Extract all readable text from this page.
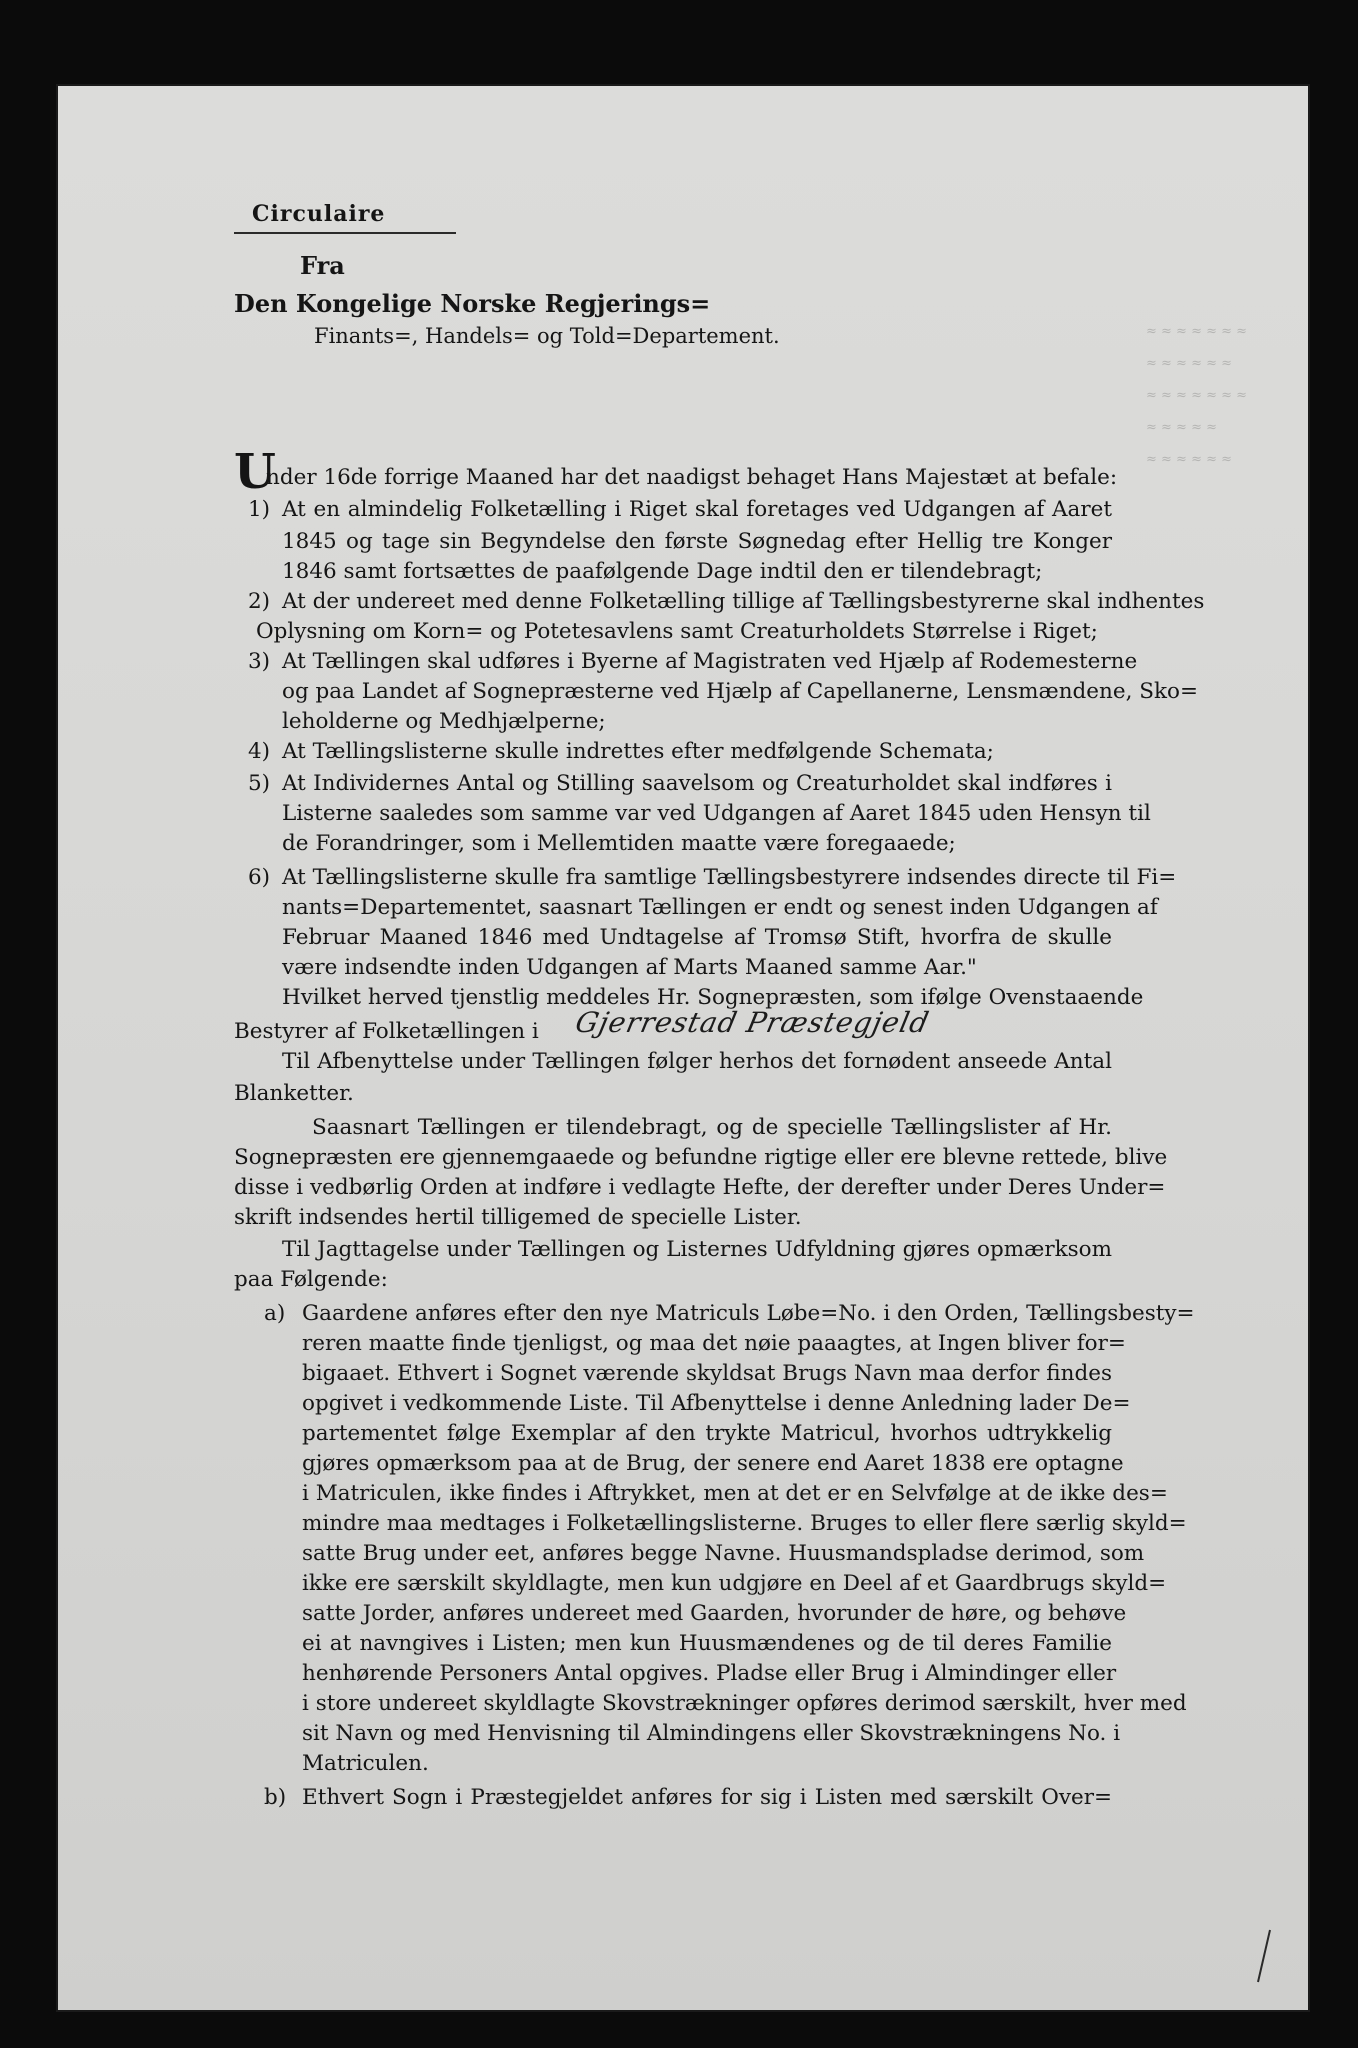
≈ ≈ ≈ ≈ ≈ ≈ ≈
≈ ≈ ≈ ≈ ≈ ≈
≈ ≈ ≈ ≈ ≈ ≈ ≈
≈ ≈ ≈ ≈ ≈
≈ ≈ ≈ ≈ ≈ ≈
Circulaire
Fra
Den Kongelige Norske Regjerings=
Finants=, Handels= og Told=Departement.
U
nder 16de forrige Maaned har det naadigst behaget Hans Majestæt at befale:
1) At en almindelig Folketælling i Riget skal foretages ved Udgangen af Aaret
1845 og tage sin Begyndelse den første Søgnedag efter Hellig tre Konger
1846 samt fortsættes de paafølgende Dage indtil den er tilendebragt;
2) At der undereet med denne Folketælling tillige af Tællingsbestyrerne skal indhentes
Oplysning om Korn= og Potetesavlens samt Creaturholdets Størrelse i Riget;
3) At Tællingen skal udføres i Byerne af Magistraten ved Hjælp af Rodemesterne
og paa Landet af Sognepræsterne ved Hjælp af Capellanerne, Lensmændene, Sko=
leholderne og Medhjælperne;
4) At Tællingslisterne skulle indrettes efter medfølgende Schemata;
5) At Individernes Antal og Stilling saavelsom og Creaturholdet skal indføres i
Listerne saaledes som samme var ved Udgangen af Aaret 1845 uden Hensyn til
de Forandringer, som i Mellemtiden maatte være foregaaede;
6) At Tællingslisterne skulle fra samtlige Tællingsbestyrere indsendes directe til Fi=
nants=Departementet, saasnart Tællingen er endt og senest inden Udgangen af
Februar Maaned 1846 med Undtagelse af Tromsø Stift, hvorfra de skulle
være indsendte inden Udgangen af Marts Maaned samme Aar."
Hvilket herved tjenstlig meddeles Hr. Sognepræsten, som ifølge Ovenstaaende
Bestyrer af Folketællingen i Gjerrestad Præstegjeld
Til Afbenyttelse under Tællingen følger herhos det fornødent anseede Antal
Blanketter.
Saasnart Tællingen er tilendebragt, og de specielle Tællingslister af Hr.
Sognepræsten ere gjennemgaaede og befundne rigtige eller ere blevne rettede, blive
disse i vedbørlig Orden at indføre i vedlagte Hefte, der derefter under Deres Under=
skrift indsendes hertil tilligemed de specielle Lister.
Til Jagttagelse under Tællingen og Listernes Udfyldning gjøres opmærksom
paa Følgende:
a) Gaardene anføres efter den nye Matriculs Løbe=No. i den Orden, Tællingsbesty=
reren maatte finde tjenligst, og maa det nøie paaagtes, at Ingen bliver for=
bigaaet. Ethvert i Sognet værende skyldsat Brugs Navn maa derfor findes
opgivet i vedkommende Liste. Til Afbenyttelse i denne Anledning lader De=
partementet følge Exemplar af den trykte Matricul, hvorhos udtrykkelig
gjøres opmærksom paa at de Brug, der senere end Aaret 1838 ere optagne
i Matriculen, ikke findes i Aftrykket, men at det er en Selvfølge at de ikke des=
mindre maa medtages i Folketællingslisterne. Bruges to eller flere særlig skyld=
satte Brug under eet, anføres begge Navne. Huusmandspladse derimod, som
ikke ere særskilt skyldlagte, men kun udgjøre en Deel af et Gaardbrugs skyld=
satte Jorder, anføres undereet med Gaarden, hvorunder de høre, og behøve
ei at navngives i Listen; men kun Huusmændenes og de til deres Familie
henhørende Personers Antal opgives. Pladse eller Brug i Almindinger eller
i store undereet skyldlagte Skovstrækninger opføres derimod særskilt, hver med
sit Navn og med Henvisning til Almindingens eller Skovstrækningens No. i
Matriculen.
b) Ethvert Sogn i Præstegjeldet anføres for sig i Listen med særskilt Over=
